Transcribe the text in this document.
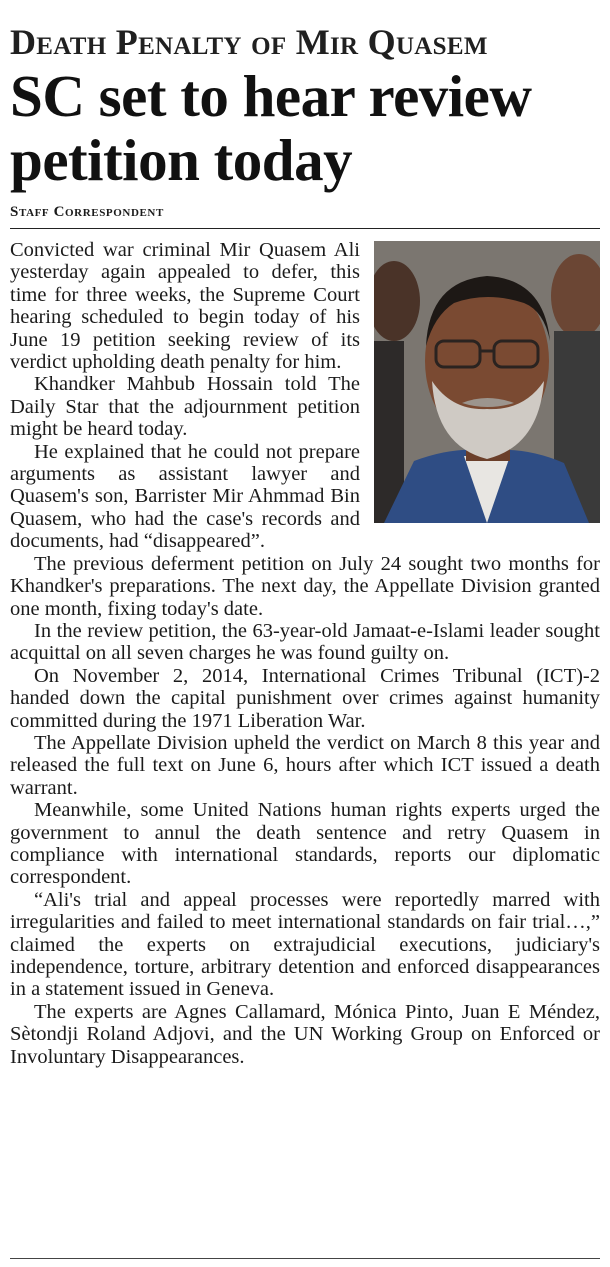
Death Penalty of Mir Quasem
SC set to hear review petition today
Staff Correspondent

Convicted war criminal Mir Quasem Ali yesterday again appealed to defer, this time for three weeks, the Supreme Court hearing scheduled to begin today of his June 19 petition seeking review of its verdict upholding death penalty for him.

Khandker Mahbub Hossain told The Daily Star that the adjournment petition might be heard today.

He explained that he could not prepare arguments as assistant lawyer and Quasem's son, Barrister Mir Ahmmad Bin Quasem, who had the case's records and documents, had “disappeared”.

The previous deferment petition on July 24 sought two months for Khandker's preparations. The next day, the Appellate Division granted one month, fixing today's date.

In the review petition, the 63-year-old Jamaat-e-Islami leader sought acquittal on all seven charges he was found guilty on.

On November 2, 2014, International Crimes Tribunal (ICT)-2 handed down the capital punishment over crimes against humanity committed during the 1971 Liberation War.

The Appellate Division upheld the verdict on March 8 this year and released the full text on June 6, hours after which ICT issued a death warrant.

Meanwhile, some United Nations human rights experts urged the government to annul the death sentence and retry Quasem in compliance with international standards, reports our diplomatic correspondent.

“Ali's trial and appeal processes were reportedly marred with irregularities and failed to meet international standards on fair trial…,” claimed the experts on extrajudicial executions, judiciary's independence, torture, arbitrary detention and enforced disappearances in a statement issued in Geneva.

The experts are Agnes Callamard, Mónica Pinto, Juan E Méndez, Sètondji Roland Adjovi, and the UN Working Group on Enforced or Involuntary Disappearances.
